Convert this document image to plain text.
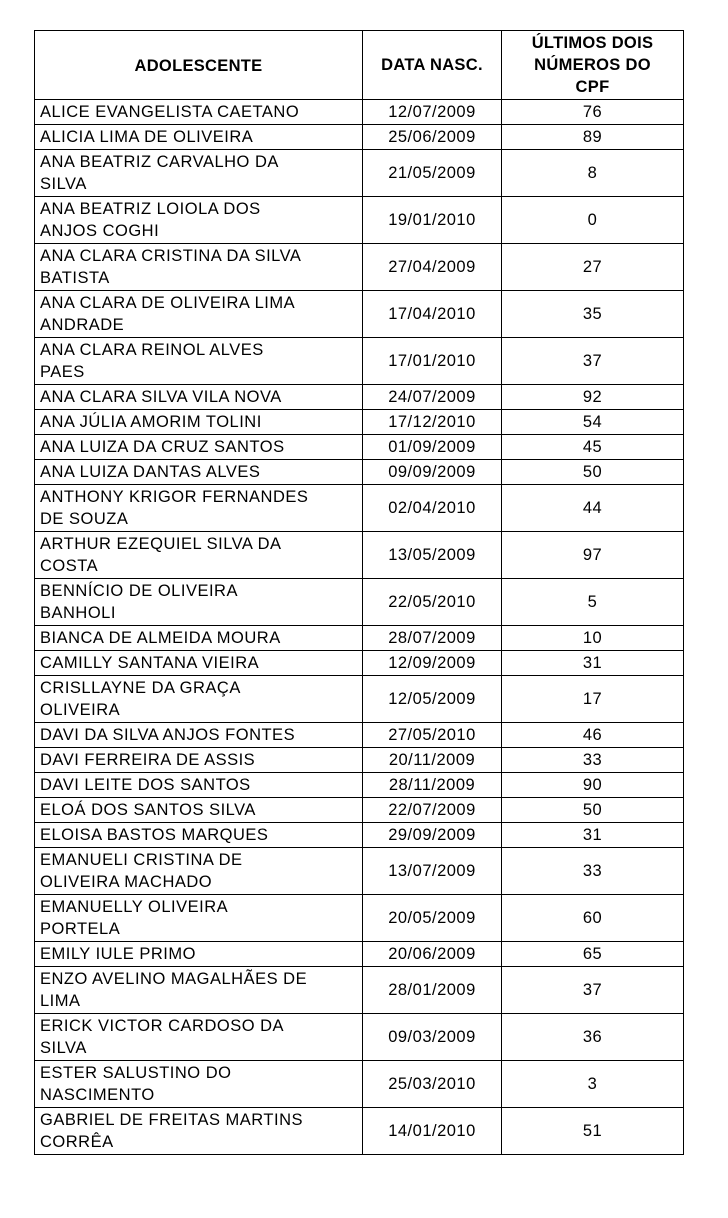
ADOLESCENTE	DATA NASC.	ÚLTIMOS DOIS
NÚMEROS DO
CPF

ALICE EVANGELISTA CAETANO	12/07/2009	76

ALICIA LIMA DE OLIVEIRA	25/06/2009	89

ANA BEATRIZ CARVALHO DA
SILVA	21/05/2009	8

ANA BEATRIZ LOIOLA DOS
ANJOS COGHI	19/01/2010	0

ANA CLARA CRISTINA DA SILVA
BATISTA	27/04/2009	27

ANA CLARA DE OLIVEIRA LIMA
ANDRADE	17/04/2010	35

ANA CLARA REINOL ALVES
PAES	17/01/2010	37

ANA CLARA SILVA VILA NOVA	24/07/2009	92

ANA JÚLIA AMORIM TOLINI	17/12/2010	54

ANA LUIZA DA CRUZ SANTOS	01/09/2009	45

ANA LUIZA DANTAS ALVES	09/09/2009	50

ANTHONY KRIGOR FERNANDES
DE SOUZA	02/04/2010	44

ARTHUR EZEQUIEL SILVA DA
COSTA	13/05/2009	97

BENNÍCIO DE OLIVEIRA
BANHOLI	22/05/2010	5

BIANCA DE ALMEIDA MOURA	28/07/2009	10

CAMILLY SANTANA VIEIRA	12/09/2009	31

CRISLLAYNE DA GRAÇA
OLIVEIRA	12/05/2009	17

DAVI DA SILVA ANJOS FONTES	27/05/2010	46

DAVI FERREIRA DE ASSIS	20/11/2009	33

DAVI LEITE DOS SANTOS	28/11/2009	90

ELOÁ DOS SANTOS SILVA	22/07/2009	50

ELOISA BASTOS MARQUES	29/09/2009	31

EMANUELI CRISTINA DE
OLIVEIRA MACHADO	13/07/2009	33

EMANUELLY OLIVEIRA
PORTELA	20/05/2009	60

EMILY IULE PRIMO	20/06/2009	65

ENZO AVELINO MAGALHÃES DE
LIMA	28/01/2009	37

ERICK VICTOR CARDOSO DA
SILVA	09/03/2009	36

ESTER SALUSTINO DO
NASCIMENTO	25/03/2010	3

GABRIEL DE FREITAS MARTINS
CORRÊA	14/01/2010	51
